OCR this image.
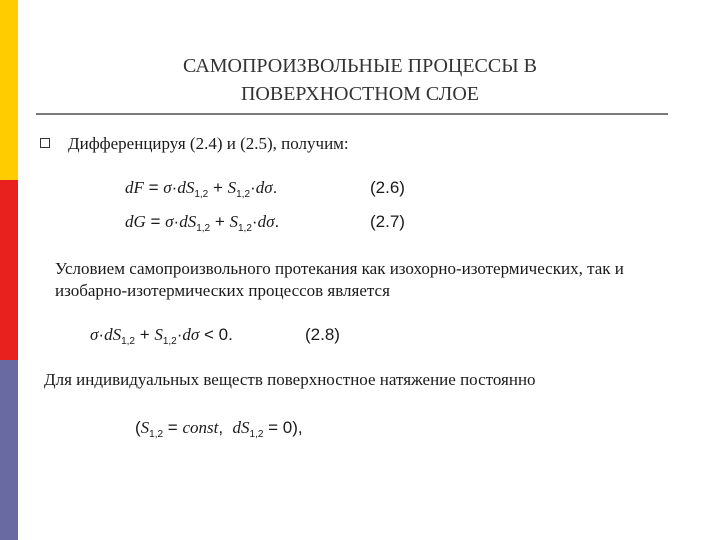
САМОПРОИЗВОЛЬНЫЕ ПРОЦЕССЫ В
ПОВЕРХНОСТНОМ СЛОЕ
Дифференцируя (2.4) и (2.5), получим:
dF = $\sigma\cdot dS_{1,2} + S_{1,2}\cdot d\sigma$.	(2.6)
dG = $\sigma\cdot dS_{1,2} + S_{1,2}\cdot d\sigma$.	(2.7)
Условием самопроизвольного протекания как изохорно-изотермических, так и изобарно-изотермических процессов является
$\sigma\cdot dS_{1,2} + S_{1,2}\cdot d\sigma < 0$.	(2.8)
Для индивидуальных веществ поверхностное натяжение постоянно
($S_{1,2}$ = const,  $dS_{1,2} = 0$),
